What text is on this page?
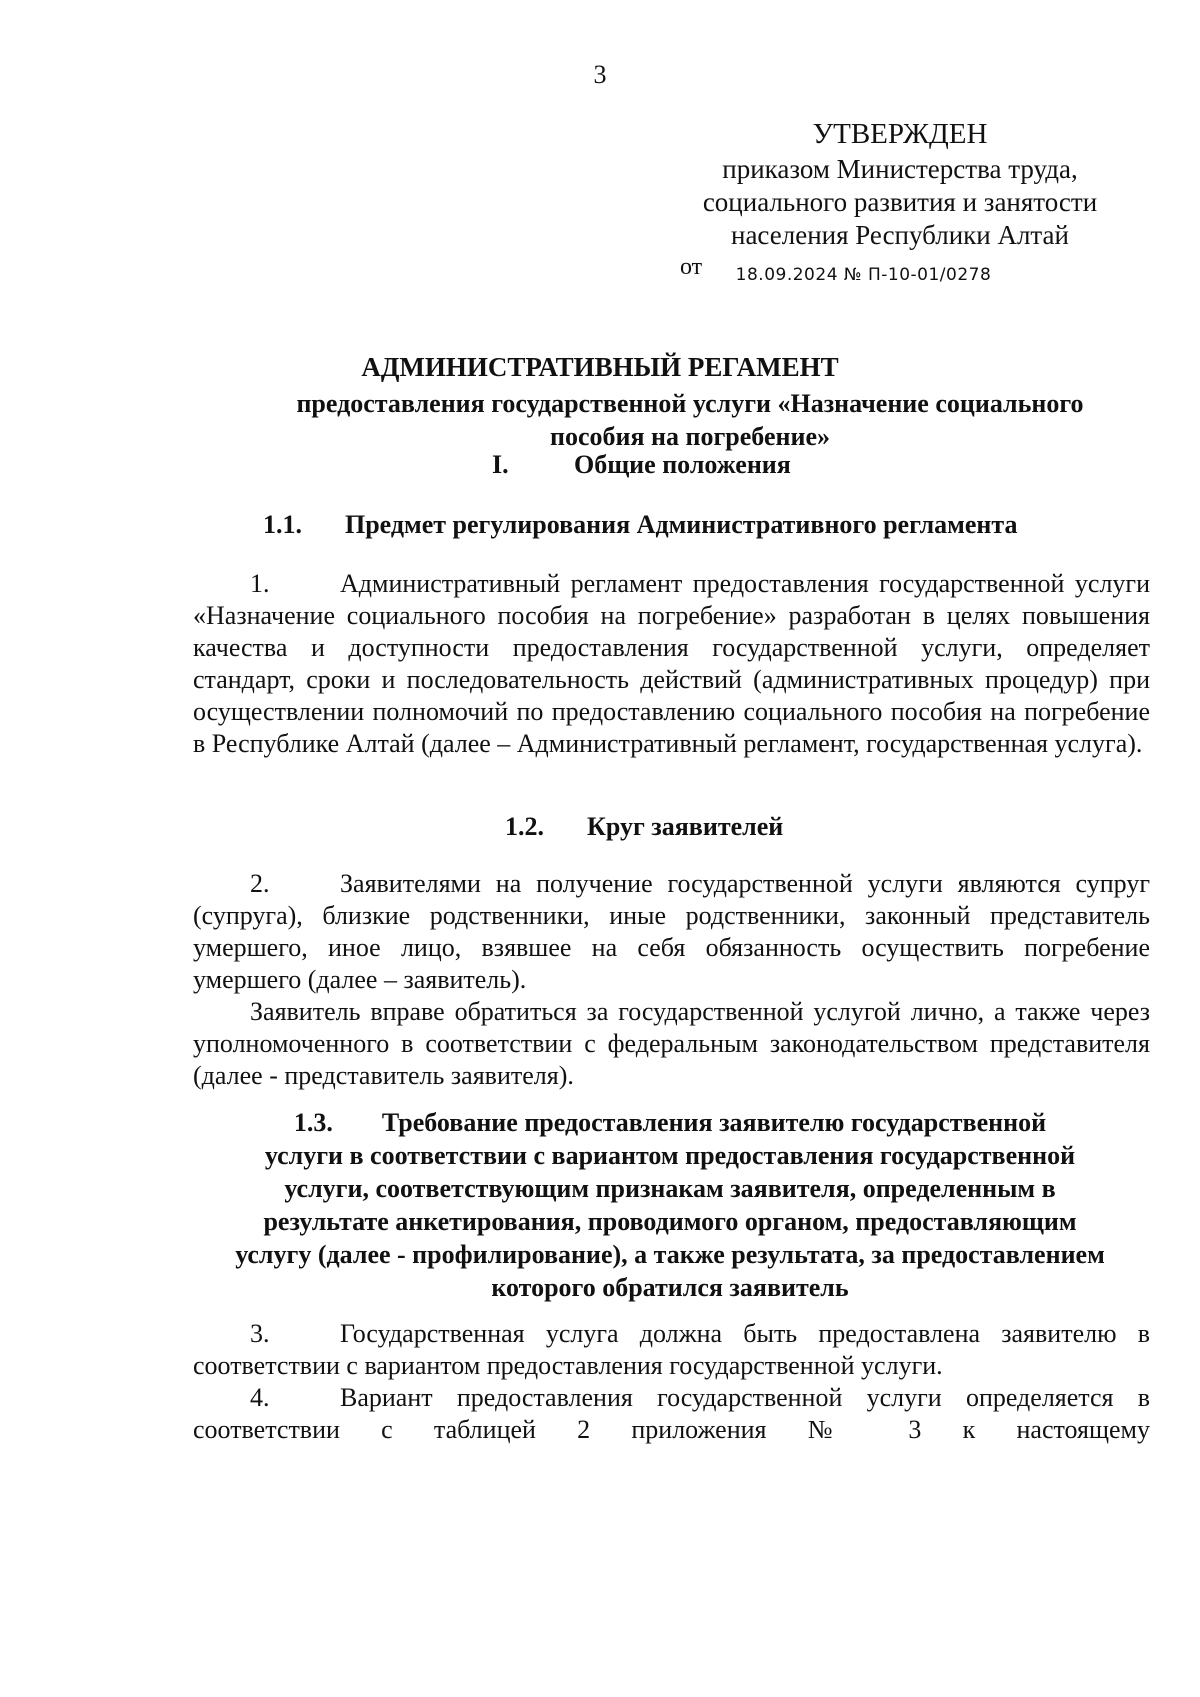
3
УТВЕРЖДЕН
приказом Министерства труда,
социального развития и занятости
населения Республики Алтай
от 18.09.2024 № П-10-01/0278
АДМИНИСТРАТИВНЫЙ РЕГАМЕНТ
предоставления государственной услуги «Назначение социального
пособия на погребение»
I.	Общие положения
1.1. Предмет регулирования Административного регламента
1.	Административный регламент предоставления государственной услуги «Назначение социального пособия на погребение» разработан в целях повышения качества и доступности предоставления государственной услуги, определяет стандарт, сроки и последовательность действий (административных процедур) при осуществлении полномочий по предоставлению социального пособия на погребение в Республике Алтай (далее – Административный регламент, государственная услуга).
1.2. Круг заявителей
2.	Заявителями на получение государственной услуги являются супруг (супруга), близкие родственники, иные родственники, законный представитель умершего, иное лицо, взявшее на себя обязанность осуществить погребение умершего (далее – заявитель).
Заявитель вправе обратиться за государственной услугой лично, а также через уполномоченного в соответствии с федеральным законодательством представителя (далее - представитель заявителя).
1.3. Требование предоставления заявителю государственной
услуги в соответствии с вариантом предоставления государственной
услуги, соответствующим признакам заявителя, определенным в
результате анкетирования, проводимого органом, предоставляющим
услугу (далее - профилирование), а также результата, за предоставлением
которого обратился заявитель
3.	Государственная услуга должна быть предоставлена заявителю в соответствии с вариантом предоставления государственной услуги.
4.	Вариант предоставления государственной услуги определяется в соответствии с таблицей 2 приложения № 3 к настоящему
